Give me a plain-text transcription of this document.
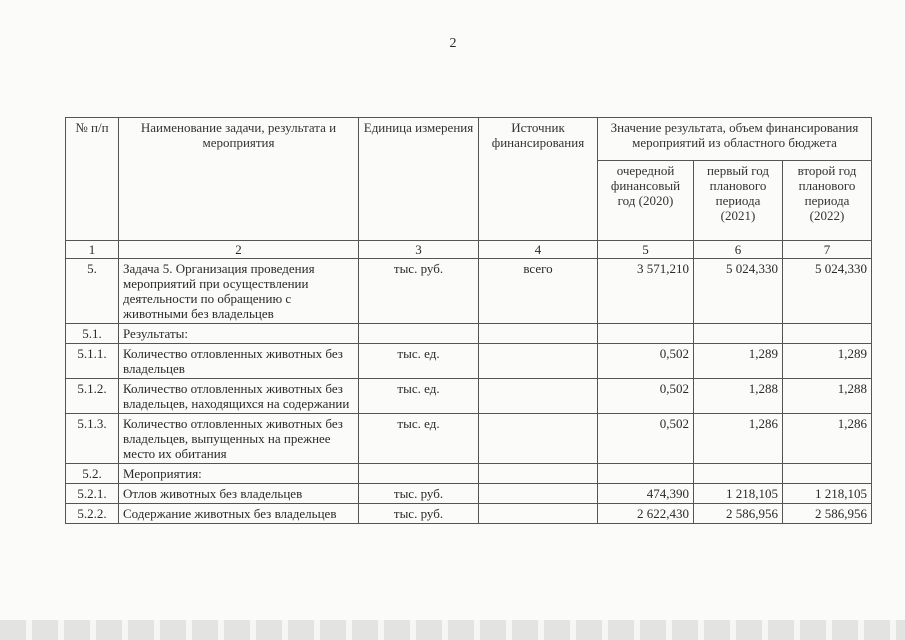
2
№ п/п	Наименование задачи, результата и мероприятия	Единица измерения	Источник финансирования	Значение результата, объем финансирования мероприятий из областного бюджета		
				очередной финансовый год (2020)	первый год планового периода (2021)	второй год планового периода (2022)
1	2	3	4	5	6	7
5.	Задача 5. Организация проведения мероприятий при осуществлении деятельности по обращению с животными без владельцев	тыс. руб.	всего	3 571,210	5 024,330	5 024,330
5.1.	Результаты:					
5.1.1.	Количество отловленных животных без владельцев	тыс. ед.		0,502	1,289	1,289
5.1.2.	Количество отловленных животных без владельцев, находящихся на содержании	тыс. ед.		0,502	1,288	1,288
5.1.3.	Количество отловленных животных без владельцев, выпущенных на прежнее место их обитания	тыс. ед.		0,502	1,286	1,286
5.2.	Мероприятия:					
5.2.1.	Отлов животных без владельцев	тыс. руб.		474,390	1 218,105	1 218,105
5.2.2.	Содержание животных без владельцев	тыс. руб.		2 622,430	2 586,956	2 586,956
